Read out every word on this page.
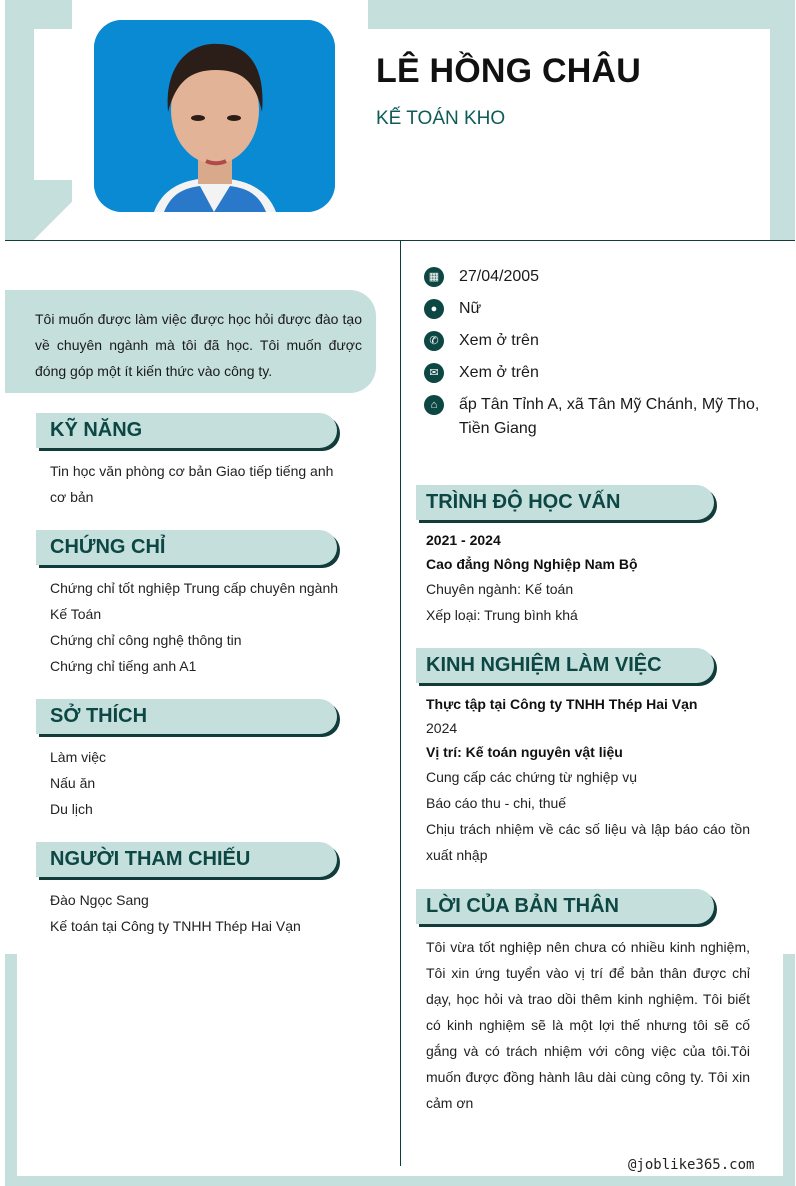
LÊ HỒNG CHÂU
KẾ TOÁN KHO
Tôi muốn được làm việc được học hỏi được đào tạo về chuyên ngành mà tôi đã học. Tôi muốn được đóng góp một ít kiến thức vào công ty.
KỸ NĂNG
Tin học văn phòng cơ bản Giao tiếp tiếng anh cơ bản
CHỨNG CHỈ
Chứng chỉ tốt nghiệp Trung cấp chuyên ngành Kế Toán
Chứng chỉ công nghệ thông tin
Chứng chỉ tiếng anh A1
SỞ THÍCH
Làm việc
Nấu ăn
Du lịch
NGƯỜI THAM CHIẾU
Đào Ngọc Sang
Kế toán tại Công ty TNHH Thép Hai Vạn
▦ 27/04/2005
●	Nữ
✆	Xem ở trên
✉	Xem ở trên
⌂	ấp Tân Tỉnh A, xã Tân Mỹ Chánh, Mỹ Tho, Tiền Giang
TRÌNH ĐỘ HỌC VẤN
2021 - 2024
Cao đẳng Nông Nghiệp Nam Bộ
Chuyên ngành: Kế toán
Xếp loại: Trung bình khá
KINH NGHIỆM LÀM VIỆC
Thực tập tại Công ty TNHH Thép Hai Vạn
2024
Vị trí: Kế toán nguyên vật liệu
Cung cấp các chứng từ nghiệp vụ
Báo cáo thu - chi, thuế
Chịu trách nhiệm về các số liệu và lập báo cáo tồn xuất nhập
LỜI CỦA BẢN THÂN
Tôi vừa tốt nghiệp nên chưa có nhiều kinh nghiệm, Tôi xin ứng tuyển vào vị trí để bản thân được chỉ dạy, học hỏi và trao dồi thêm kinh nghiệm. Tôi biết có kinh nghiệm sẽ là một lợi thế nhưng tôi sẽ cố gắng và có trách nhiệm với công việc của tôi.Tôi muốn được đồng hành lâu dài cùng công ty. Tôi xin cảm ơn
@joblike365.com
